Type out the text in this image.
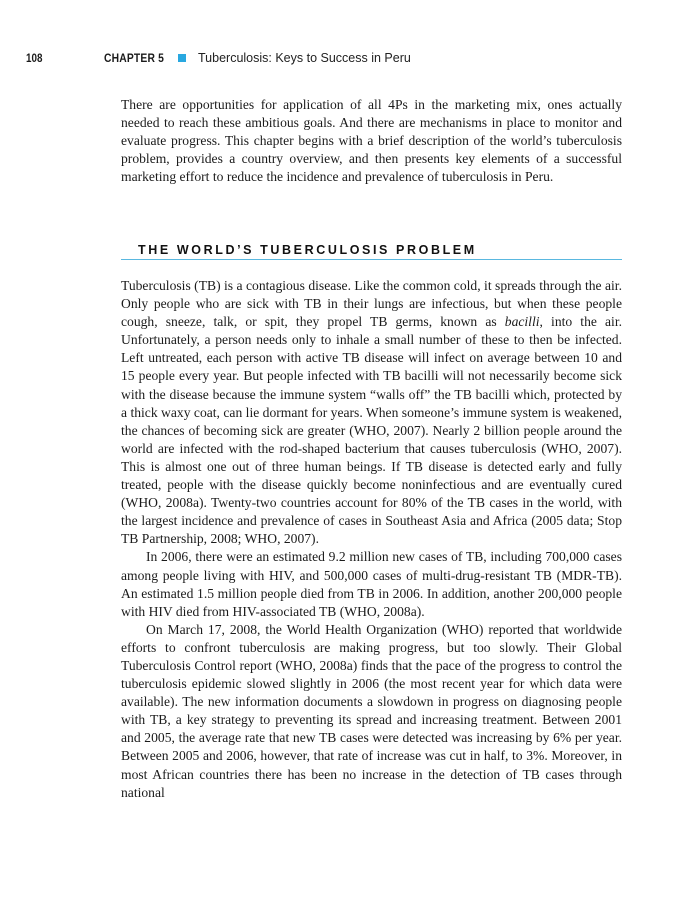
108	CHAPTER 5	Tuberculosis: Keys to Success in Peru

There are opportunities for application of all 4Ps in the marketing mix, ones actually needed to reach these ambitious goals. And there are mechanisms in place to monitor and evaluate progress. This chapter begins with a brief description of the world’s tuberculosis problem, provides a country overview, and then presents key elements of a successful marketing effort to reduce the incidence and prevalence of tuberculosis in Peru.

THE WORLD’S TUBERCULOSIS PROBLEM

Tuberculosis (TB) is a contagious disease. Like the common cold, it spreads through the air. Only people who are sick with TB in their lungs are infectious, but when these people cough, sneeze, talk, or spit, they propel TB germs, known as bacilli, into the air. Unfortunately, a person needs only to inhale a small number of these to then be infected. Left untreated, each person with active TB disease will infect on average between 10 and 15 people every year. But people infected with TB bacilli will not necessarily become sick with the disease because the immune system “walls off” the TB bacilli which, protected by a thick waxy coat, can lie dormant for years. When someone’s immune system is weakened, the chances of becoming sick are greater (WHO, 2007). Nearly 2 billion people around the world are infected with the rod-shaped bacterium that causes tuberculosis (WHO, 2007). This is almost one out of three human beings. If TB disease is detected early and fully treated, people with the disease quickly become noninfectious and are eventually cured (WHO, 2008a). Twenty-two countries account for 80% of the TB cases in the world, with the largest incidence and prevalence of cases in Southeast Asia and Africa (2005 data; Stop TB Partnership, 2008; WHO, 2007).

In 2006, there were an estimated 9.2 million new cases of TB, including 700,000 cases among people living with HIV, and 500,000 cases of multi-drug-resistant TB (MDR-TB). An estimated 1.5 million people died from TB in 2006. In addition, another 200,000 people with HIV died from HIV-associated TB (WHO, 2008a).

On March 17, 2008, the World Health Organization (WHO) reported that worldwide efforts to confront tuberculosis are making progress, but too slowly. Their Global Tuberculosis Control report (WHO, 2008a) finds that the pace of the progress to control the tuberculosis epidemic slowed slightly in 2006 (the most recent year for which data were available). The new information documents a slowdown in progress on diagnosing people with TB, a key strategy to preventing its spread and increasing treatment. Between 2001 and 2005, the average rate that new TB cases were detected was increasing by 6% per year. Between 2005 and 2006, however, that rate of increase was cut in half, to 3%. Moreover, in most African countries there has been no increase in the detection of TB cases through national
